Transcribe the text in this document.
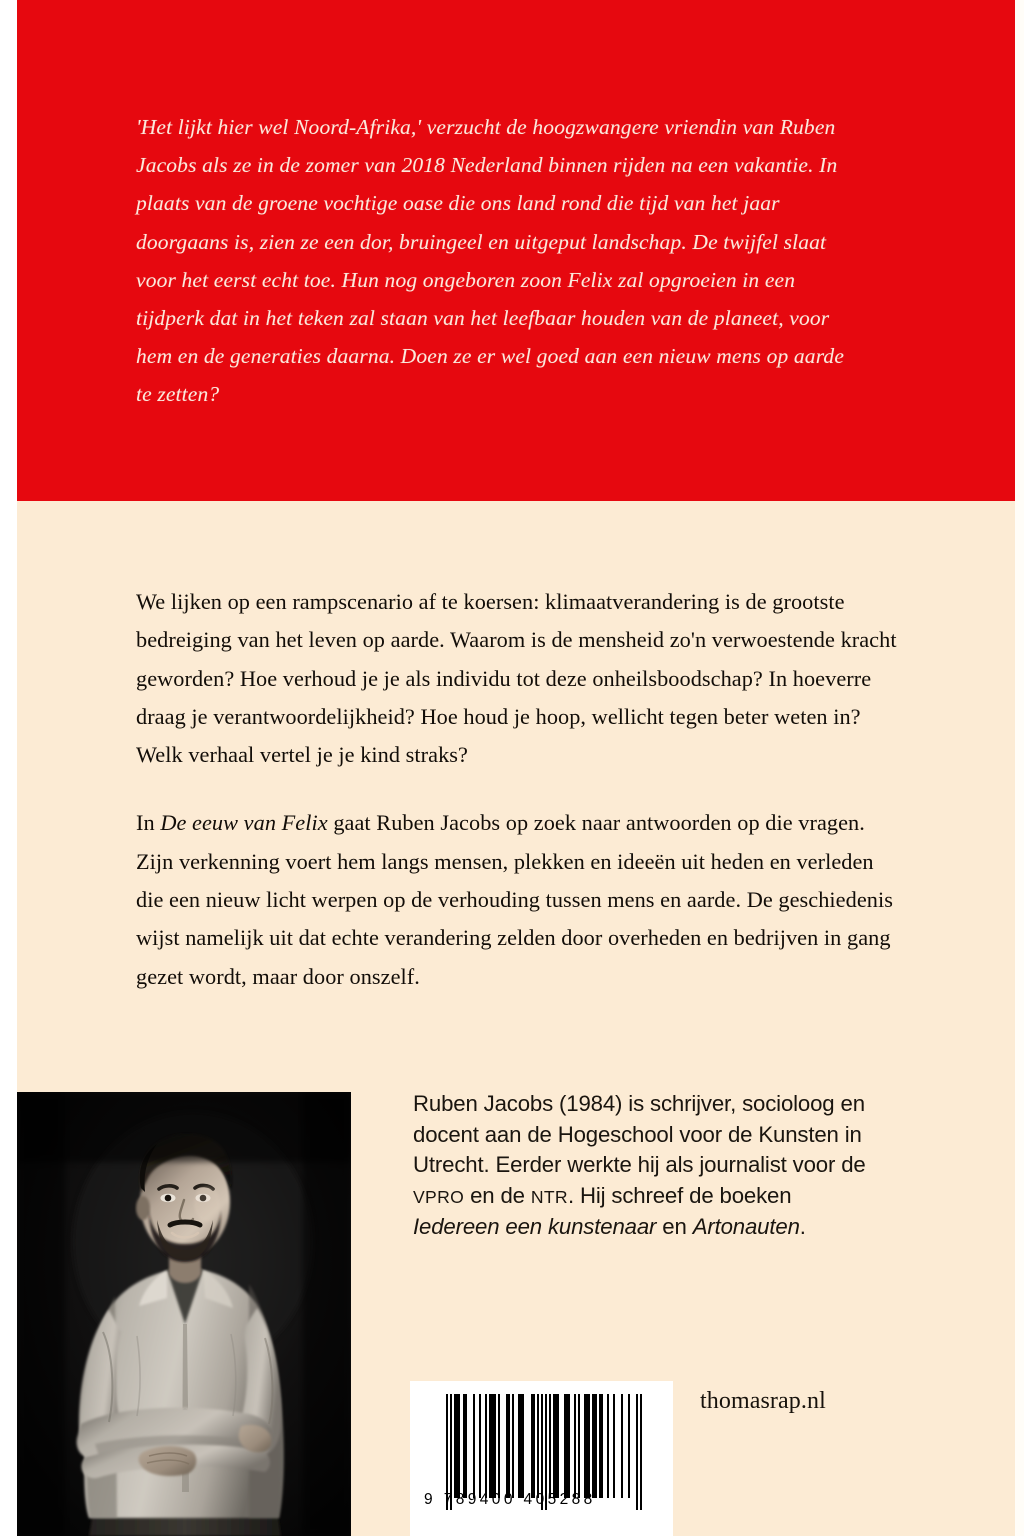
'Het lijkt hier wel Noord-Afrika,' verzucht de hoogzwangere vriendin van Ruben Jacobs als ze in de zomer van 2018 Nederland binnen rijden na een vakantie. In plaats van de groene vochtige oase die ons land rond die tijd van het jaar doorgaans is, zien ze een dor, bruingeel en uitgeput landschap. De twijfel slaat voor het eerst echt toe. Hun nog ongeboren zoon Felix zal opgroeien in een tijdperk dat in het teken zal staan van het leefbaar houden van de planeet, voor hem en de generaties daarna. Doen ze er wel goed aan een nieuw mens op aarde te zetten?

We lijken op een rampscenario af te koersen: klimaatverandering is de grootste bedreiging van het leven op aarde. Waarom is de mensheid zo'n verwoestende kracht geworden? Hoe verhoud je je als individu tot deze onheilsboodschap? In hoeverre draag je verantwoordelijkheid? Hoe houd je hoop, wellicht tegen beter weten in? Welk verhaal vertel je je kind straks?

In De eeuw van Felix gaat Ruben Jacobs op zoek naar antwoorden op die vragen. Zijn verkenning voert hem langs mensen, plekken en ideeën uit heden en verleden die een nieuw licht werpen op de verhouding tussen mens en aarde. De geschiedenis wijst namelijk uit dat echte verandering zelden door overheden en bedrijven in gang gezet wordt, maar door onszelf.

Ruben Jacobs (1984) is schrijver, socioloog en docent aan de Hogeschool voor de Kunsten in Utrecht. Eerder werkte hij als journalist voor de VPRO en de NTR. Hij schreef de boeken Iedereen een kunstenaar en Artonauten.
9 789400 405288
thomasrap.nl
